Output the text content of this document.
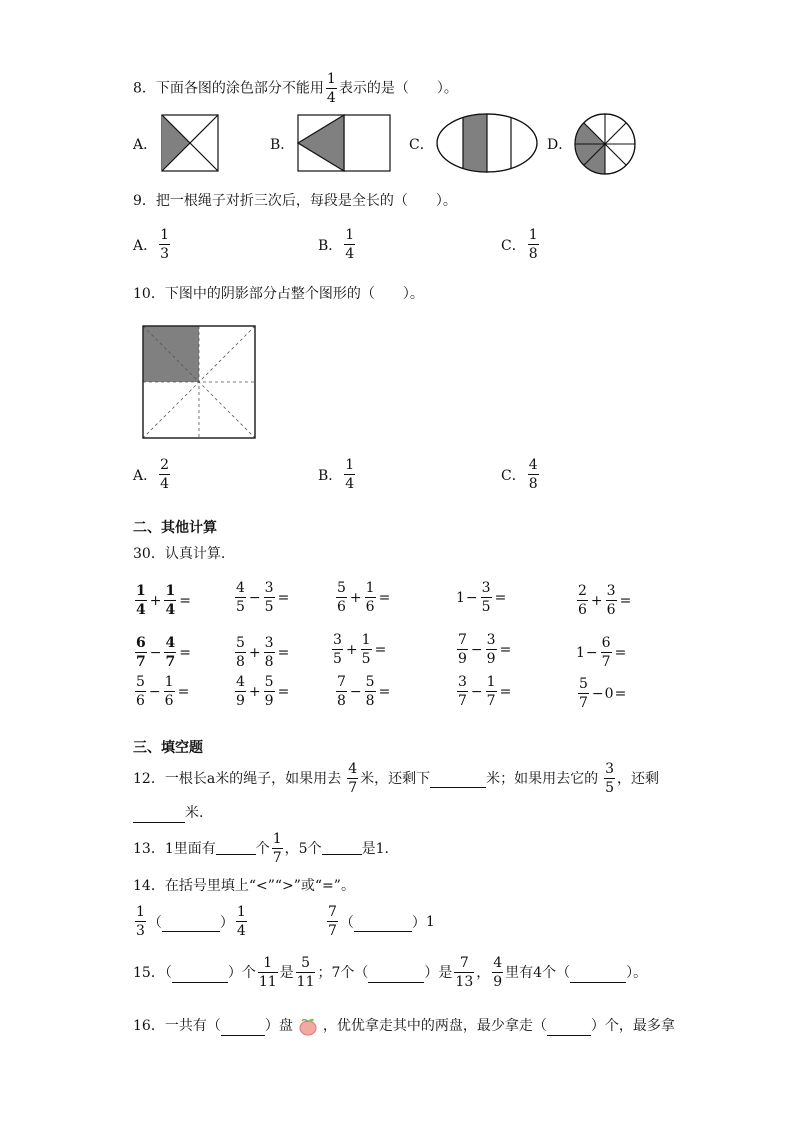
8．下面各图的涂色部分不能用 $\frac{1}{4}$ 表示的是（　　）。
A．	B．	C．	D．
9．把一根绳子对折三次后，每段是全长的（　　）。
A． $\frac{1}{3}$	B． $\frac{1}{4}$	C． $\frac{1}{8}$
10．下图中的阴影部分占整个图形的（　　）。
A． $\frac{2}{4}$	B． $\frac{1}{4}$	C． $\frac{4}{8}$
二、其他计算
30．认真计算.
$\frac{1}{4} + \frac{1}{4}$ =	$\frac{4}{5} - \frac{3}{5}$ =	$\frac{5}{6} + \frac{1}{6}$ =	$1 - \frac{3}{5}$ =	$\frac{2}{6} + \frac{3}{6}$ =
$\frac{6}{7} - \frac{4}{7}$ =	$\frac{5}{8} + \frac{3}{8}$ =	$\frac{3}{5} + \frac{1}{5}$ =	$\frac{7}{9} - \frac{3}{9}$ =	$1 - \frac{6}{7}$ =
$\frac{5}{6} - \frac{1}{6}$ =	$\frac{4}{9} + \frac{5}{9}$ =	$\frac{7}{8} - \frac{5}{8}$ =	$\frac{3}{7} - \frac{1}{7}$ =	$\frac{5}{7} - 0$ =
三、填空题
12．一根长 a 米的绳子，如果用去 $\frac{4}{7}$ 米，还剩下	米；如果用去它的 $\frac{3}{5}$ ，还剩
米.
13．1里面有	个 $\frac{1}{7}$ ，5个	是1.
14．在括号里填上“<”“>”或“=”。
$\frac{1}{3}$ （	） $\frac{1}{4}$	$\frac{7}{7}$ （	） 1
15．（	）个 $\frac{1}{11}$ 是 $\frac{5}{11}$ ；7个（	）是 $\frac{7}{13}$ ， $\frac{4}{9}$ 里有4个（	）。
16．一共有（	）盘 ，优优拿走其中的两盘，最少拿走（	）个，最多拿
